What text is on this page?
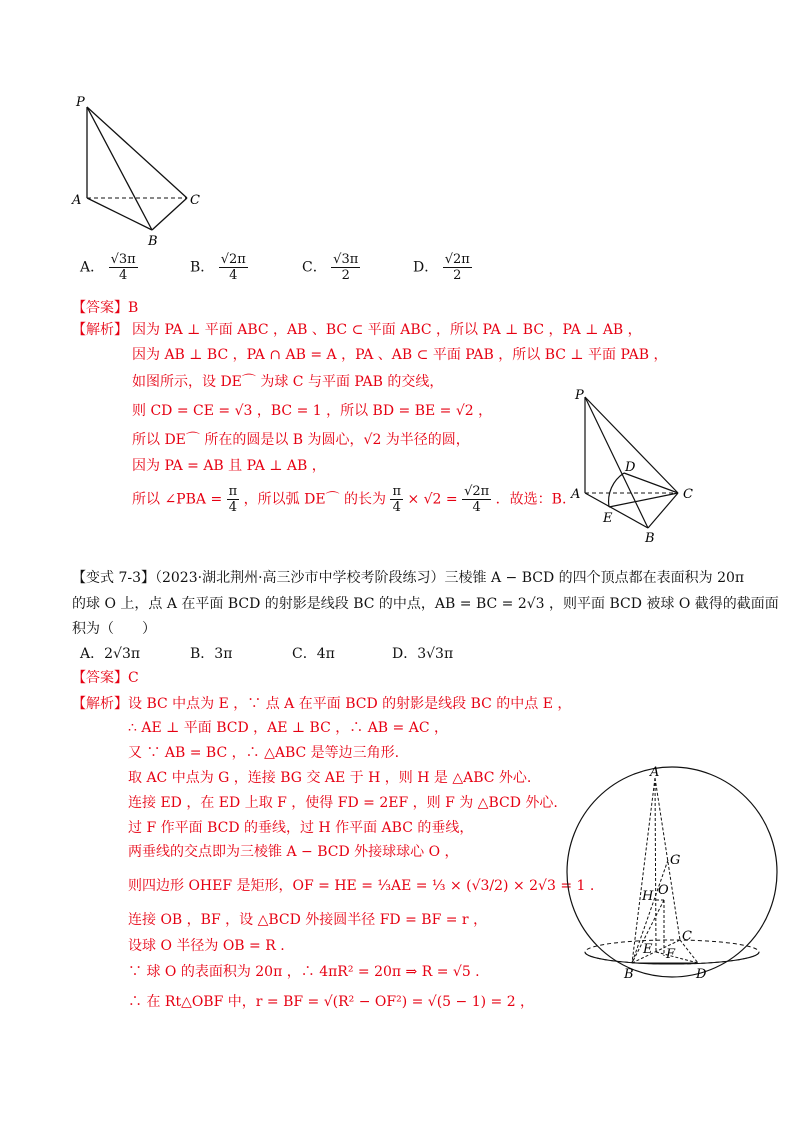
P
A	C
B
A． $\frac{√3\pi}{4}$	B． $\frac{√2\pi}{4}$	C． $\frac{√3\pi}{2}$	D． $\frac{√2\pi}{2}$
【答案】B
【解析】 因为 PA ⊥ 平面 ABC ，AB 、BC ⊂ 平面 ABC ，所以 PA ⊥ BC ，PA ⊥ AB ，
因为 AB ⊥ BC ，PA ∩ AB = A ，PA 、AB ⊂ 平面 PAB ，所以 BC ⊥ 平面 PAB ，
如图所示，设 DE⌒ 为球 C 与平面 PAB 的交线，
则 CD = CE = √3 ，BC = 1 ，所以 BD = BE = √2 ，
所以 DE⌒ 所在的圆是以 B 为圆心，√2 为半径的圆，
因为 PA = AB 且 PA ⊥ AB ，
所以 ∠PBA = $\frac{\pi}{4}$ ，所以弧 DE⌒ 的长为 $\frac{\pi}{4} \times √2 = \frac{√2\pi}{4}$ ．故选：B.
P
D
A	C
E
B
【变式 7-3】（2023·湖北荆州·高三沙市中学校考阶段练习）三棱锥 A − BCD 的四个顶点都在表面积为 20π
的球 O 上，点 A 在平面 BCD 的射影是线段 BC 的中点，AB = BC = 2√3 ，则平面 BCD 被球 O 截得的截面面
积为（　　）
A．2√3π	B．3π	C．4π	D．3√3π
【答案】C
【解析】 设 BC 中点为 E ，∵ 点 A 在平面 BCD 的射影是线段 BC 的中点 E ，
∴ AE ⊥ 平面 BCD ，AE ⊥ BC ，∴ AB = AC ，
又 ∵ AB = BC ，∴ △ABC 是等边三角形.
取 AC 中点为 G ，连接 BG 交 AE 于 H ，则 H 是 △ABC 外心.
连接 ED ，在 ED 上取 F ，使得 FD = 2EF ，则 F 为 △BCD 外心.
过 F 作平面 BCD 的垂线，过 H 作平面 ABC 的垂线，
两垂线的交点即为三棱锥 A − BCD 外接球球心 O ，
则四边形 OHEF 是矩形，OF = HE = ⅓AE = ⅓ × (√3/2) × 2√3 = 1 .
连接 OB ，BF ，设 △BCD 外接圆半径 FD = BF = r ，
设球 O 半径为 OB = R .
∵ 球 O 的表面积为 20π ，∴ 4πR² = 20π ⇒ R = √5 .
∴ 在 Rt△OBF 中，r = BF = √(R² − OF²) = √(5 − 1) = 2 ，
A
G
H O
C
E F
B	D
